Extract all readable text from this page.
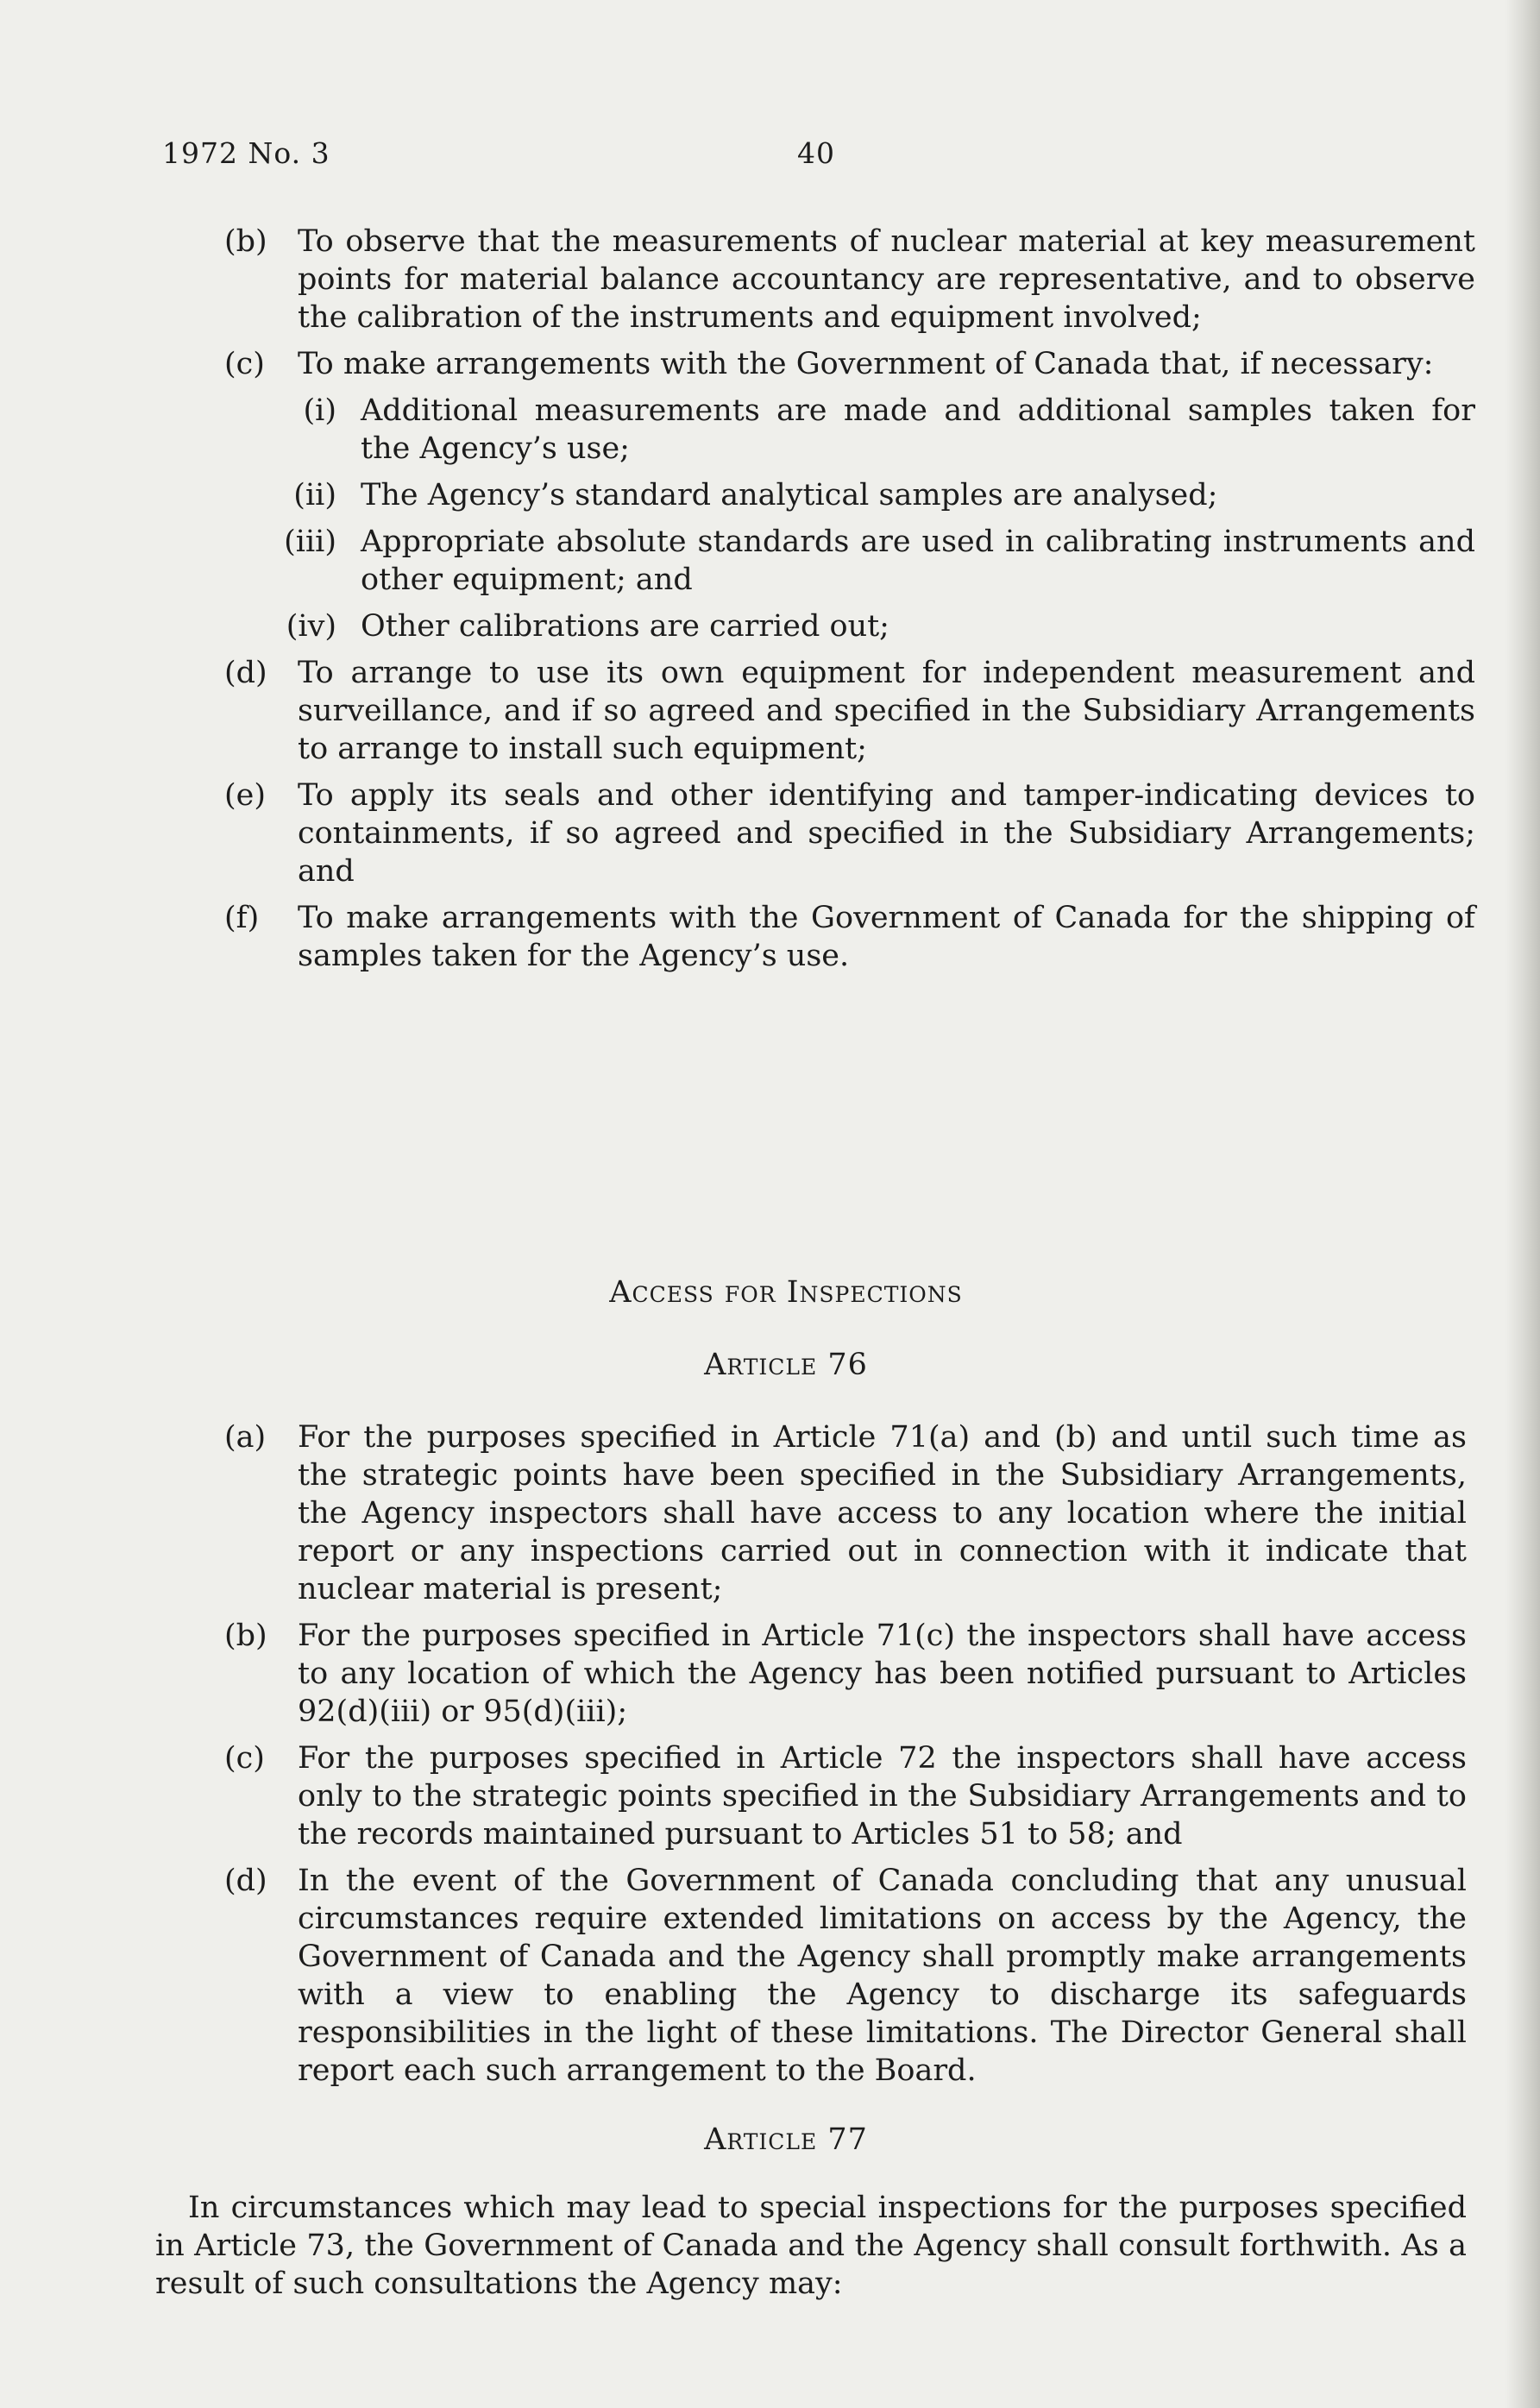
1972 No. 3	40
(b) To observe that the measurements of nuclear material at key measurement points for material balance accountancy are representative, and to observe the calibration of the instruments and equipment involved;
(c) To make arrangements with the Government of Canada that, if necessary:
(i) Additional measurements are made and additional samples taken for the Agency’s use;
(ii) The Agency’s standard analytical samples are analysed;
(iii) Appropriate absolute standards are used in calibrating instruments and other equipment; and
(iv) Other calibrations are carried out;
(d) To arrange to use its own equipment for independent measurement and surveillance, and if so agreed and specified in the Subsidiary Arrangements to arrange to install such equipment;
(e) To apply its seals and other identifying and tamper-indicating devices to containments, if so agreed and specified in the Subsidiary Arrangements; and
(f) To make arrangements with the Government of Canada for the shipping of samples taken for the Agency’s use.
Access for Inspections
Article 76
(a) For the purposes specified in Article 71(a) and (b) and until such time as the strategic points have been specified in the Subsidiary Arrangements, the Agency inspectors shall have access to any location where the initial report or any inspections carried out in connection with it indicate that nuclear material is present;
(b) For the purposes specified in Article 71(c) the inspectors shall have access to any location of which the Agency has been notified pursuant to Articles 92(d)(iii) or 95(d)(iii);
(c) For the purposes specified in Article 72 the inspectors shall have access only to the strategic points specified in the Subsidiary Arrangements and to the records maintained pursuant to Articles 51 to 58; and
(d) In the event of the Government of Canada concluding that any unusual circumstances require extended limitations on access by the Agency, the Government of Canada and the Agency shall promptly make arrangements with a view to enabling the Agency to discharge its safeguards responsibilities in the light of these limitations. The Director General shall report each such arrangement to the Board.
Article 77
In circumstances which may lead to special inspections for the purposes specified in Article 73, the Government of Canada and the Agency shall consult forthwith. As a result of such consultations the Agency may:
